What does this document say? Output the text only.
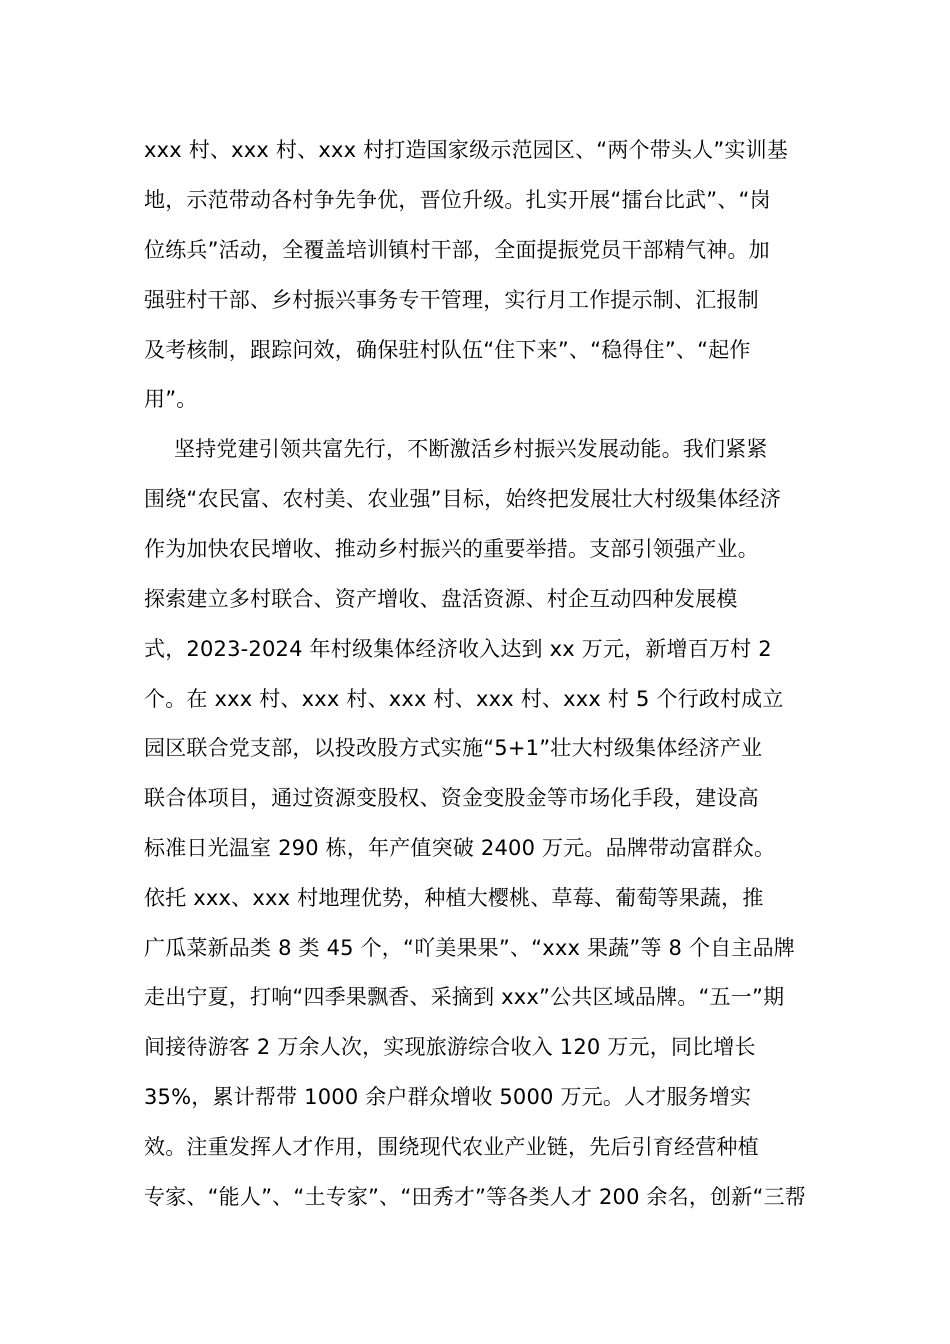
xxx 村、xxx 村、xxx 村打造国家级示范园区、“两个带头人”实训基
地，示范带动各村争先争优，晋位升级。扎实开展“擂台比武”、“岗
位练兵”活动，全覆盖培训镇村干部，全面提振党员干部精气神。加
强驻村干部、乡村振兴事务专干管理，实行月工作提示制、汇报制
及考核制，跟踪问效，确保驻村队伍“住下来”、“稳得住”、“起作
用”。
坚持党建引领共富先行，不断激活乡村振兴发展动能。我们紧紧
围绕“农民富、农村美、农业强”目标，始终把发展壮大村级集体经济
作为加快农民增收、推动乡村振兴的重要举措。支部引领强产业。
探索建立多村联合、资产增收、盘活资源、村企互动四种发展模
式，2023-2024 年村级集体经济收入达到 xx 万元，新增百万村 2
个。在 xxx 村、xxx 村、xxx 村、xxx 村、xxx 村 5 个行政村成立
园区联合党支部，以投改股方式实施“5+1”壮大村级集体经济产业
联合体项目，通过资源变股权、资金变股金等市场化手段，建设高
标准日光温室 290 栋，年产值突破 2400 万元。品牌带动富群众。
依托 xxx、xxx 村地理优势，种植大樱桃、草莓、葡萄等果蔬，推
广瓜菜新品类 8 类 45 个，“吖美果果”、“xxx 果蔬”等 8 个自主品牌
走出宁夏，打响“四季果飘香、采摘到 xxx”公共区域品牌。“五一”期
间接待游客 2 万余人次，实现旅游综合收入 120 万元，同比增长
35%，累计帮带 1000 余户群众增收 5000 万元。人才服务增实
效。注重发挥人才作用，围绕现代农业产业链，先后引育经营种植
专家、“能人”、“土专家”、“田秀才”等各类人才 200 余名，创新“三帮
